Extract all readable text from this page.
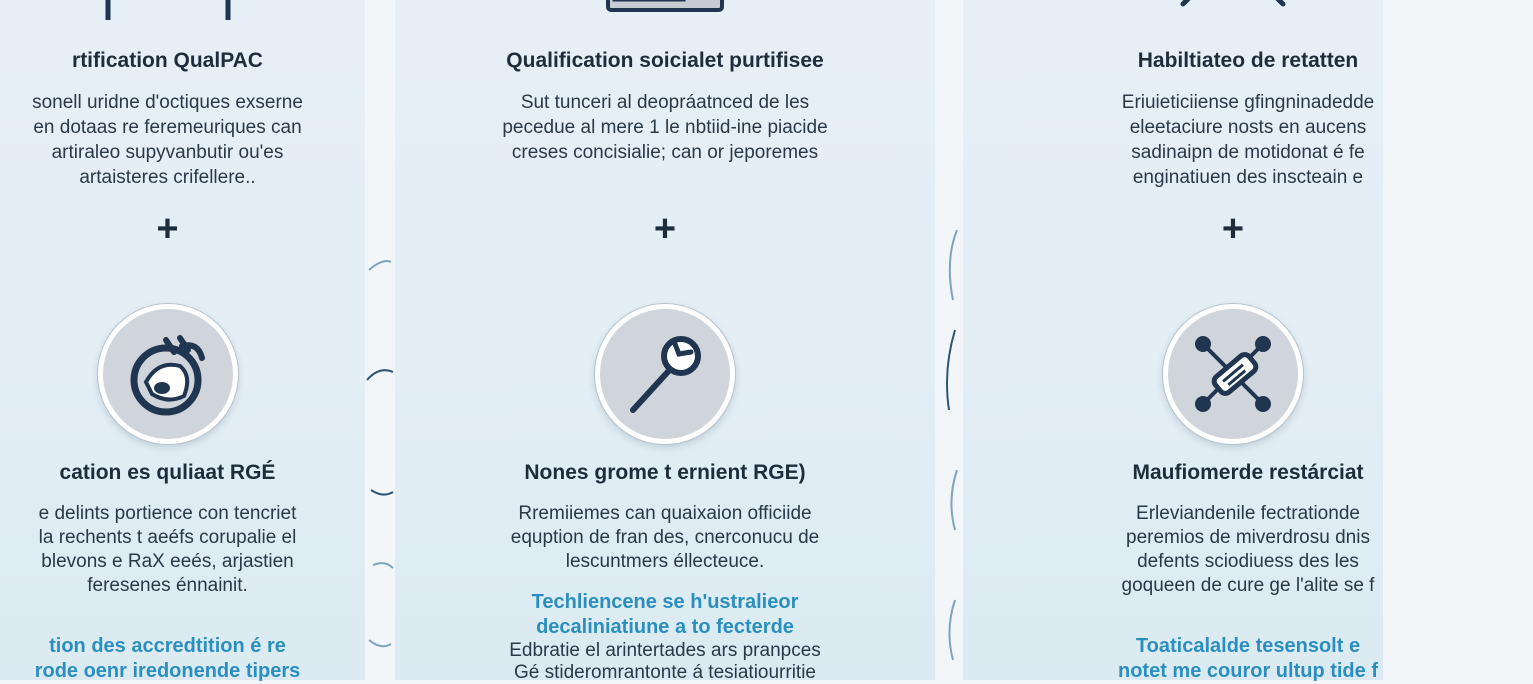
rtification QualPAC
sonell uridne d'octiques exserne
en dotaas re feremeuriques can
artiraleo supyvanbutir ou'es
artaisteres crifellere..
+
cation es quliaat RGÉ
e delints portience con tencriet
la rechents t aeéfs corupalie el
blevons e RaX eeés, arjastien
feresenes énnainit.
tion des accredtition é re
rode oenr iredonende tipers
Qualification soicialet purtifisee
Sut tunceri al deopráatnced de les
pecedue al mere 1 le nbtiid-ine piacide
creses concisialie; can or jeporemes
+
Nones grome t ernient RGE)
Rremiiemes can quaixaion officiide
equption de fran des, cnerconucu de
lescuntmers éllecteuce.
Techliencene se h'ustralieor
decaliniatiune a to fecterde
Edbratie el arintertades ars pranpces
Gé stideromrantonte á tesiatiourritie
Habiltiateo de retatten
Eriuieticiiense gfingninadedde
eleetaciure nosts en aucens
sadinaipn de motidonat é fe
enginatiuen des inscteain e
+
Maufiomerde restárciat
Erleviandenile fectrationde
peremios de miverdrosu dnis
defents sciodiuess des les
goqueen de cure ge l'alite se f
Toaticalalde tesensolt e
notet me couror ultup tide f
